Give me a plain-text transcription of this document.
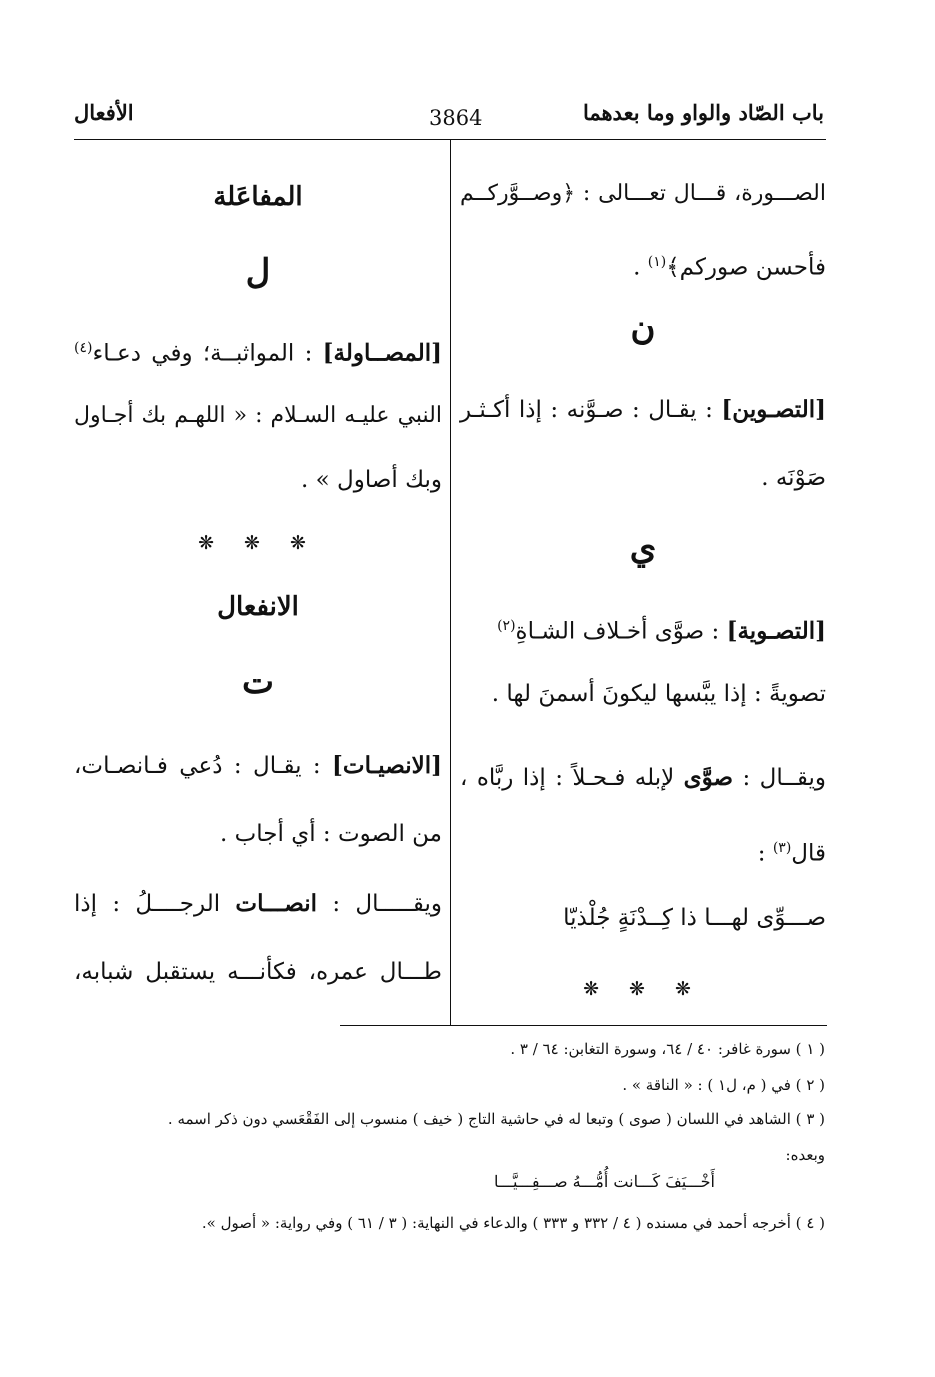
باب الصّاد والواو وما بعدهما
3864
الأفعال
الصـــورة، قـــال تعـــالى : ﴿وصــوَّركــم
فأحسن صوركم﴾$^{(١)}$ .
ن
[التصـوين] : يقـال : صـوَّنه : إذا أكـثـر
صَوْنَه .
ي
[التصـوية] : صوَّى أخـلاف الشـاةِ$^{(٢)}$
تصويةً : إذا يبَّسها ليكونَ أسمنَ لها .
ويقــال : صوَّى لإبله فـحـلاً : إذا ربَّاه ،
قال$^{(٣)}$ :
صـــوِّى لهـــا ذا كِــدْنَةٍ جُلْذيّا
❋ ❋ ❋
المفاعَلة
ل
[المصــاولة] : المواثبــة؛ وفي دعـاء$^{(٤)}$
النبي عليـه السـلام : « اللهـم بك أجـاول
وبك أصاول » .
❋ ❋ ❋
الانفعال
ت
[الانصيـات] : يقـال : دُعي فـانصـات،
من الصوت : أي أجاب .
ويقـــــال : انصـــات الرجــــلُ : إذا
طـــال عمره، فكأنـــه يستقبل شبابه،
( ١ ) سورة غافر: ٤٠ / ٦٤، وسورة التغابن: ٦٤ / ٣ .
( ٢ ) في ( م، ل١ ) : « الناقة » .
( ٣ ) الشاهد في اللسان ( صوى ) وتبعا له في حاشية التاج ( خيف ) منسوب إلى الفَقْعَسي دون ذكر اسمه .
وبعده:
أَخْـــيَفَ كَـــانت أُمُّـــهُ صـــفِـــيَّـــا
( ٤ ) أخرجه أحمد في مسنده ( ٤ / ٣٣٢ و ٣٣٣ ) والدعاء في النهاية: ( ٣ / ٦١ ) وفي رواية: « أصول ».
